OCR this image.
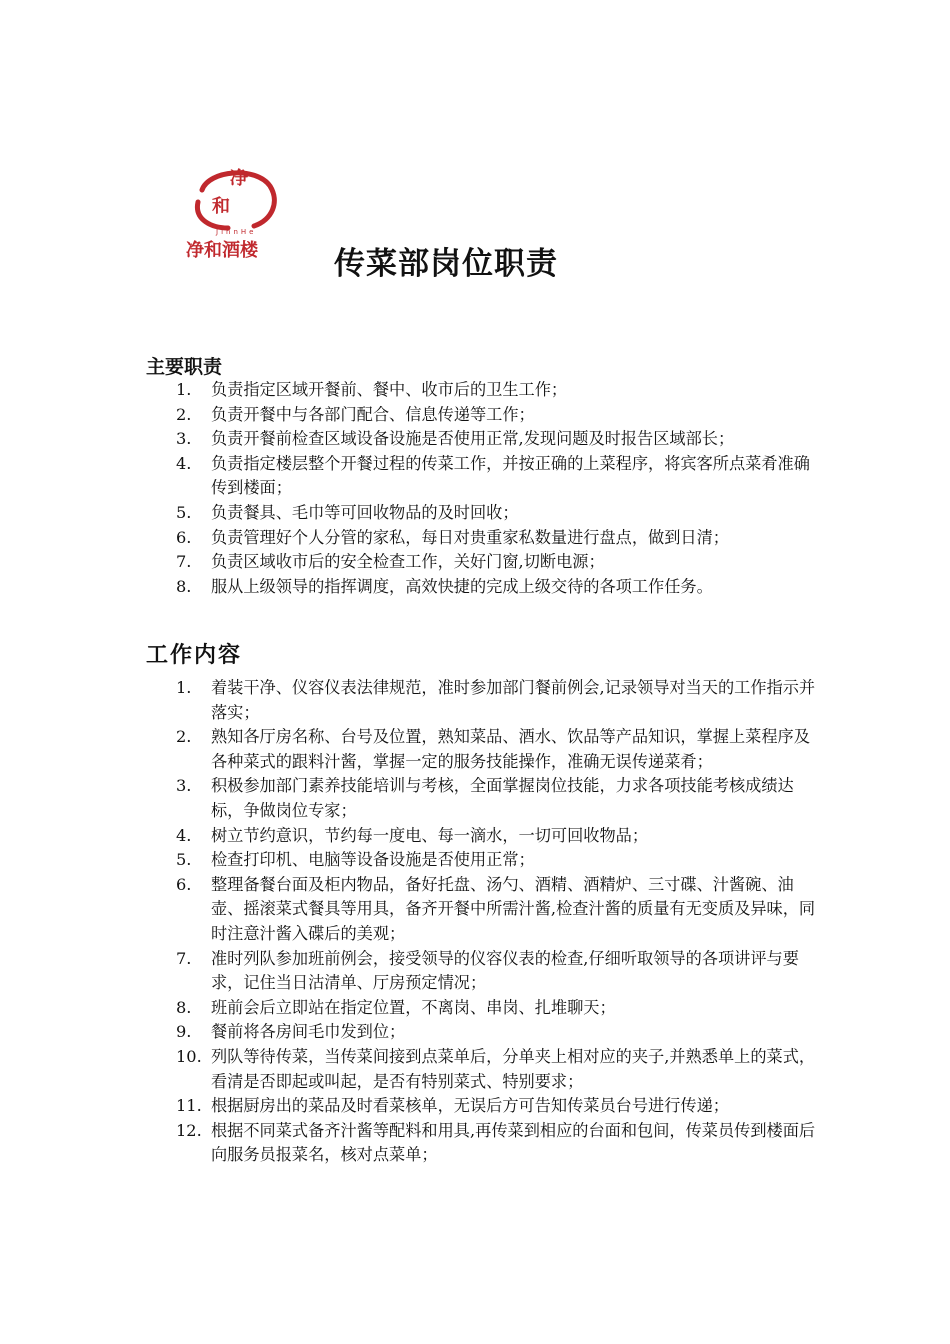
净
和
JinnHe
净和酒楼 传菜部岗位职责
主要职责
1.	负责指定区域开餐前、餐中、收市后的卫生工作；
2.	负责开餐中与各部门配合、信息传递等工作；
3.	负责开餐前检查区域设备设施是否使用正常,发现问题及时报告区域部长；
4.	负责指定楼层整个开餐过程的传菜工作，并按正确的上菜程序，将宾客所点菜肴准确传到楼面；
5.	负责餐具、毛巾等可回收物品的及时回收；
6.	负责管理好个人分管的家私，每日对贵重家私数量进行盘点，做到日清；
7.	负责区域收市后的安全检查工作，关好门窗,切断电源；
8.	服从上级领导的指挥调度，高效快捷的完成上级交待的各项工作任务。
工作内容
1.	着装干净、仪容仪表法律规范，准时参加部门餐前例会,记录领导对当天的工作指示并落实；
2.	熟知各厅房名称、台号及位置，熟知菜品、酒水、饮品等产品知识，掌握上菜程序及各种菜式的跟料汁酱，掌握一定的服务技能操作，准确无误传递菜肴；
3.	积极参加部门素养技能培训与考核，全面掌握岗位技能，力求各项技能考核成绩达标，争做岗位专家；
4.	树立节约意识，节约每一度电、每一滴水，一切可回收物品；
5.	检查打印机、电脑等设备设施是否使用正常；
6.	整理备餐台面及柜内物品，备好托盘、汤勺、酒精、酒精炉、三寸碟、汁酱碗、油壶、摇滚菜式餐具等用具，备齐开餐中所需汁酱,检查汁酱的质量有无变质及异味，同时注意汁酱入碟后的美观；
7.	准时列队参加班前例会，接受领导的仪容仪表的检查,仔细听取领导的各项讲评与要求，记住当日沽清单、厅房预定情况；
8.	班前会后立即站在指定位置，不离岗、串岗、扎堆聊天；
9.	餐前将各房间毛巾发到位；
10. 列队等待传菜，当传菜间接到点菜单后，分单夹上相对应的夹子,并熟悉单上的菜式，看清是否即起或叫起，是否有特别菜式、特别要求；
11. 根据厨房出的菜品及时看菜核单，无误后方可告知传菜员台号进行传递；
12. 根据不同菜式备齐汁酱等配料和用具,再传菜到相应的台面和包间，传菜员传到楼面后向服务员报菜名，核对点菜单；
